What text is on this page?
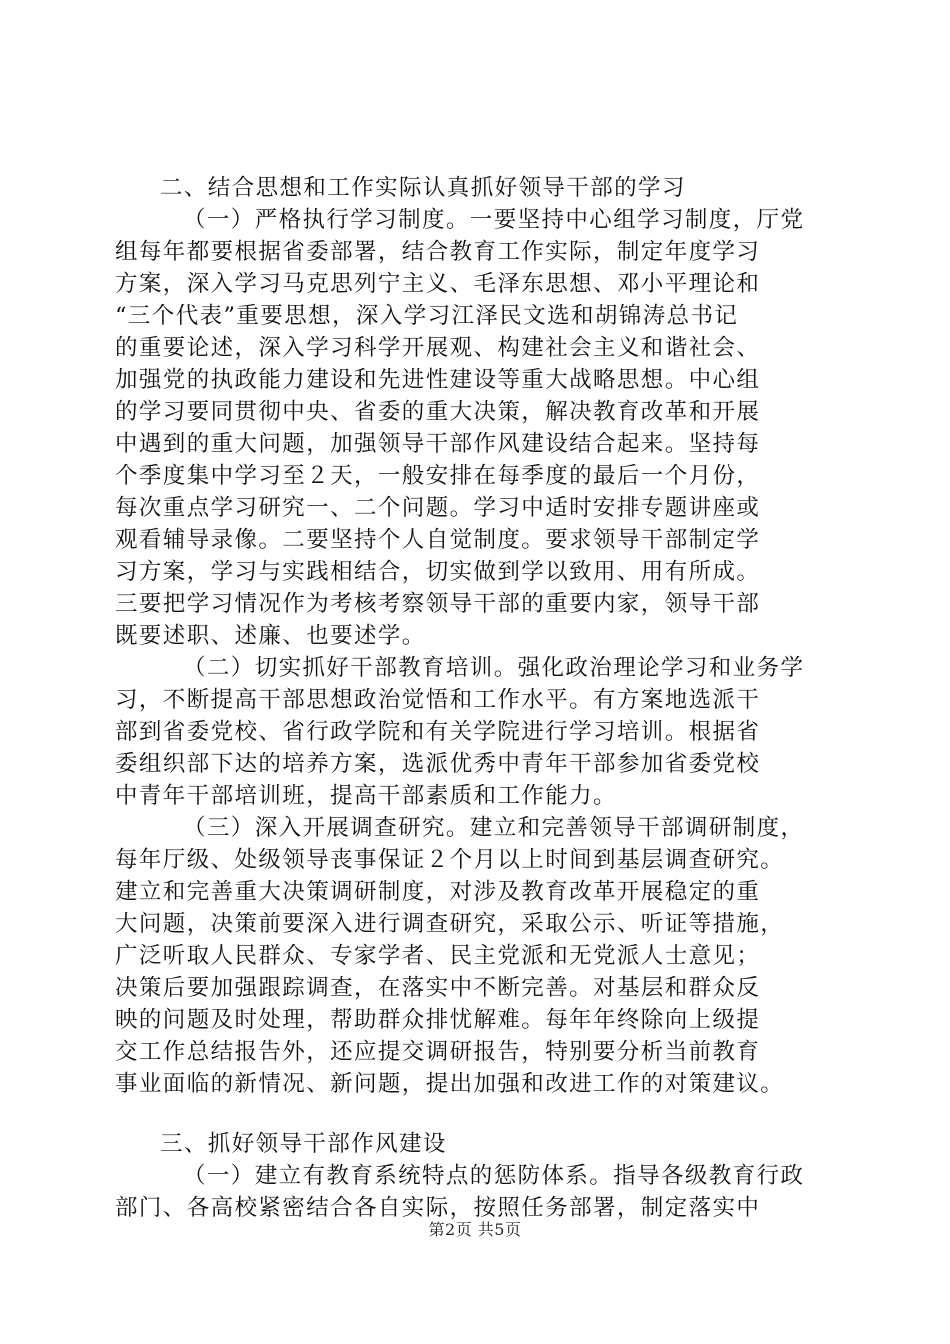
二、结合思想和工作实际认真抓好领导干部的学习
（一）严格执行学习制度。一要坚持中心组学习制度，厅党
组每年都要根据省委部署，结合教育工作实际，制定年度学习
方案，深入学习马克思列宁主义、毛泽东思想、邓小平理论和
“三个代表”重要思想，深入学习江泽民文选和胡锦涛总书记
的重要论述，深入学习科学开展观、构建社会主义和谐社会、
加强党的执政能力建设和先进性建设等重大战略思想。中心组
的学习要同贯彻中央、省委的重大决策，解决教育改革和开展
中遇到的重大问题，加强领导干部作风建设结合起来。坚持每
个季度集中学习至２天，一般安排在每季度的最后一个月份，
每次重点学习研究一、二个问题。学习中适时安排专题讲座或
观看辅导录像。二要坚持个人自觉制度。要求领导干部制定学
习方案，学习与实践相结合，切实做到学以致用、用有所成。
三要把学习情况作为考核考察领导干部的重要内家，领导干部
既要述职、述廉、也要述学。
（二）切实抓好干部教育培训。强化政治理论学习和业务学
习，不断提高干部思想政治觉悟和工作水平。有方案地选派干
部到省委党校、省行政学院和有关学院进行学习培训。根据省
委组织部下达的培养方案，选派优秀中青年干部参加省委党校
中青年干部培训班，提高干部素质和工作能力。
（三）深入开展调查研究。建立和完善领导干部调研制度，
每年厅级、处级领导丧事保证２个月以上时间到基层调查研究。
建立和完善重大决策调研制度，对涉及教育改革开展稳定的重
大问题，决策前要深入进行调查研究，采取公示、听证等措施，
广泛听取人民群众、专家学者、民主党派和无党派人士意见；
决策后要加强跟踪调查，在落实中不断完善。对基层和群众反
映的问题及时处理，帮助群众排忧解难。每年年终除向上级提
交工作总结报告外，还应提交调研报告，特别要分析当前教育
事业面临的新情况、新问题，提出加强和改进工作的对策建议。
三、抓好领导干部作风建设
（一）建立有教育系统特点的惩防体系。指导各级教育行政
部门、各高校紧密结合各自实际，按照任务部署，制定落实中
第2页 共5页
